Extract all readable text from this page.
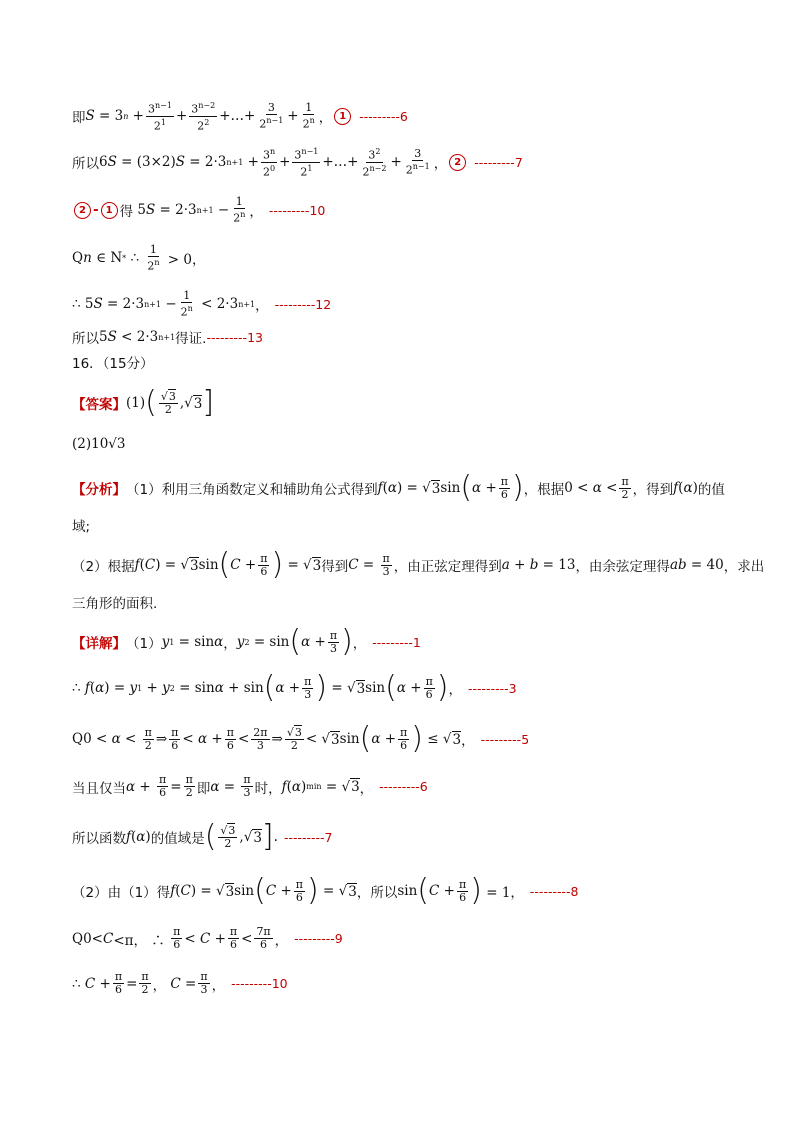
即 S = 3 $n + \frac{3^{n-1}}{2^1} + \frac{3^{n-2}}{2^2}$ +…+ $\frac{3}{2^{n-1}} + \frac{1}{2^n}$ ， 1	---------6
所以 6 S = (3×2) S = 2·3 $n+1 + \frac{3^n}{2^0} + \frac{3^{n-1}}{2^1}$ +…+ $\frac{3^2}{2^{n-2}} + \frac{3}{2^{n-1}}$ ， 2	---------7
2 - 1 得 5 S = 2·3 $n+1 - \frac{1}{2^n}$ ， ---------10
Q n ∈ N * ∴ $\frac{1}{2^n} > 0$，
∴ 5 S = 2·3 $n+1 - \frac{1}{2^n} < 2\cdot 3$ n+1 ， ---------12
所以 5 S < 2·3 n+1 得证. ---------13
16．（15分）
【答案】 (1) ( $\frac{√3}{2}$ ,√ 3 ]
(2)10√3
【分析】 （1）利用三角函数定义和辅助角公式得到 f ( α ) = √ 3 sin ( $\alpha + \frac{\pi}{6}$ ) ，根据 $0 < \alpha < \frac{\pi}{2}$ ，得到 f ( α ) 的值
域;
（2）根据 f ( C ) = √ 3 sin ( $C + \frac{\pi}{6}$ ) = √ 3 得到 $C = \frac{\pi}{3}$ ，由正弦定理得到 a + b = 13 ，由余弦定理得 ab = 40 ，求出
三角形的面积.
【详解】 （1） y 1 = sin α ， y 2 = sin ( $\alpha + \frac{\pi}{3}$ ) ， ---------1
∴ f ( α ) = y 1 + y 2 = sin α + sin ( $\alpha + \frac{\pi}{3}$ ) = √ 3 sin ( $\alpha + \frac{\pi}{6}$ ) ， ---------3
$Q0 < \alpha < \frac{\pi}{2}$ ⇒ $\frac{\pi}{6} < \alpha + \frac{\pi}{6} < \frac{2\pi}{3}$ ⇒ $\frac{√3}{2}$ < √ 3 sin ( $\alpha + \frac{\pi}{6}$ ) ≤ √ 3 ， ---------5
当且仅当 $\alpha + \frac{\pi}{6} = \frac{\pi}{2}$ 即 $\alpha = \frac{\pi}{3}$ 时， f ( α ) min = √ 3 ， ---------6
所以函数 f ( α ) 的值域是 ( $\frac{√3}{2}$ ,√ 3 ] . ---------7
（2）由（1）得 f ( C ) = √ 3 sin ( $C + \frac{\pi}{6}$ ) = √ 3 ，所以 sin ( $C + \frac{\pi}{6}$ ) = 1， ---------8
Q0< C <π， ∴ $\frac{\pi}{6} < C + \frac{\pi}{6} < \frac{7\pi}{6}$ ， ---------9
∴ $C + \frac{\pi}{6} = \frac{\pi}{2}$ ， $C = \frac{\pi}{3}$ ， ---------10
